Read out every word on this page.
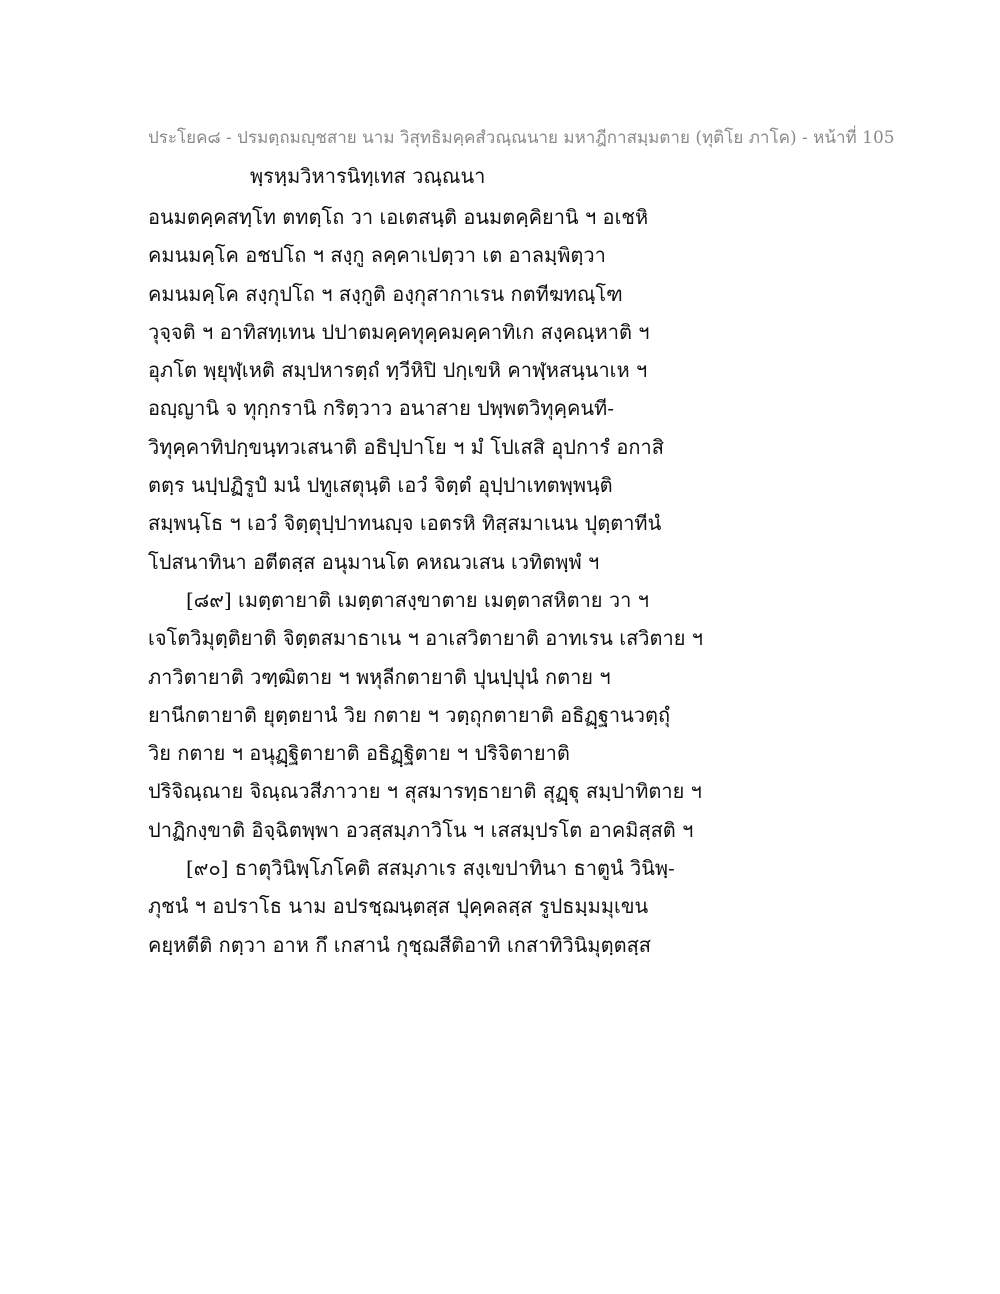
ประโยค๘ - ปรมตฺถมญฺชสาย นาม วิสุทธิมคฺคสํวณฺณนาย มหาฎีกาสมฺมตาย (ทุติโย ภาโค) - หน้าที่ 105
พฺรหฺมวิหารนิทฺเทส วณฺณนา
อนมตคฺคสทฺโท ตทตฺโถ วา เอเตสนฺติ อนมตคฺคิยานิ ฯ อเชหิ
คมนมคฺโค อชปโถ ฯ สงฺกู ลคฺคาเปตฺวา เต อาลมฺพิตฺวา
คมนมคฺโค สงฺกุปโถ ฯ สงฺกูติ องฺกุสากาเรน กตทีฆทณฺโฑ
วุจฺจติ ฯ อาทิสทฺเทน ปปาตมคฺคทุคฺคมคฺคาทิเก สงฺคณฺหาติ ฯ
อุภโต พฺยุฬฺเหติ สมฺปหารตฺถํ ทฺวีหิปิ ปกฺเขหิ คาฬฺหสนฺนาเห ฯ
อญฺญานิ จ ทุกฺกรานิ กริตฺวาว อนาสาย ปพฺพตวิทุคฺคนที-
วิทุคฺคาทิปกฺขนฺทวเสนาติ อธิปฺปาโย ฯ มํ โปเสสิ อุปการํ อกาสิ
ตตฺร นปฺปฏิรูปํ มนํ ปทูเสตุนฺติ เอวํ จิตฺตํ อุปฺปาเทตพฺพนฺติ
สมฺพนฺโธ ฯ เอวํ จิตฺตุปฺปาทนญฺจ เอตรหิ ทิสฺสมาเนน ปุตฺตาทีนํ
โปสนาทินา อตีตสฺส อนุมานโต คหณวเสน เวทิตพฺพํ ฯ
[๘๙] เมตฺตายาติ เมตฺตาสงฺขาตาย เมตฺตาสหิตาย วา ฯ
เจโตวิมุตฺติยาติ จิตฺตสมาธาเน ฯ อาเสวิตายาติ อาทเรน เสวิตาย ฯ
ภาวิตายาติ วฑฺฒิตาย ฯ พหุลีกตายาติ ปุนปฺปุนํ กตาย ฯ
ยานีกตายาติ ยุตฺตยานํ วิย กตาย ฯ วตฺถุกตายาติ อธิฏฺฐานวตฺถุํ
วิย กตาย ฯ อนุฏฺฐิตายาติ อธิฏฺฐิตาย ฯ ปริจิตายาติ
ปริจิณฺณาย จิณฺณวสีภาวาย ฯ สุสมารทฺธายาติ สุฏฺฐุ สมฺปาทิตาย ฯ
ปาฏิกงฺขาติ อิจฺฉิตพฺพา อวสฺสมฺภาวิโน ฯ เสสมฺปรโต อาคมิสฺสติ ฯ
[๙๐] ธาตุวินิพฺโภโคติ สสมฺภาเร สงฺเขปาทินา ธาตูนํ วินิพฺ-
ภุชนํ ฯ อปราโธ นาม อปรชฺฌนฺตสฺส ปุคฺคลสฺส รูปธมฺมมุเขน
คยฺหตีติ กตฺวา อาห กึ เกสานํ กุชฺฌสีติอาทิ เกสาทิวินิมุตฺตสฺส
